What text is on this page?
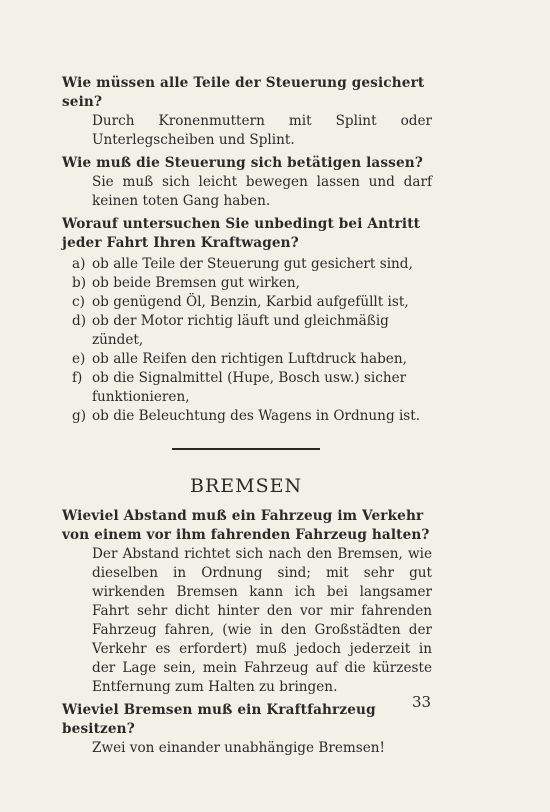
Wie müssen alle Teile der Steuerung gesichert sein?
Durch Kronenmuttern mit Splint oder Unterlegscheiben und Splint.
Wie muß die Steuerung sich betätigen lassen?
Sie muß sich leicht bewegen lassen und darf keinen toten Gang haben.
Worauf untersuchen Sie unbedingt bei Antritt jeder Fahrt Ihren Kraftwagen?
a) ob alle Teile der Steuerung gut gesichert sind,
b) ob beide Bremsen gut wirken,
c) ob genügend Öl, Benzin, Karbid aufgefüllt ist,
d) ob der Motor richtig läuft und gleichmäßig zündet,
e) ob alle Reifen den richtigen Luftdruck haben,
f) ob die Signalmittel (Hupe, Bosch usw.) sicher funktionieren,
g) ob die Beleuchtung des Wagens in Ordnung ist.
BREMSEN
Wieviel Abstand muß ein Fahrzeug im Verkehr von einem vor ihm fahrenden Fahrzeug halten?
Der Abstand richtet sich nach den Bremsen, wie dieselben in Ordnung sind; mit sehr gut wirkenden Bremsen kann ich bei langsamer Fahrt sehr dicht hinter den vor mir fahrenden Fahrzeug fahren, (wie in den Großstädten der Verkehr es erfordert) muß jedoch jederzeit in der Lage sein, mein Fahrzeug auf die kürzeste Entfernung zum Halten zu bringen.
Wieviel Bremsen muß ein Kraftfahrzeug besitzen?
Zwei von einander unabhängige Bremsen!
33
